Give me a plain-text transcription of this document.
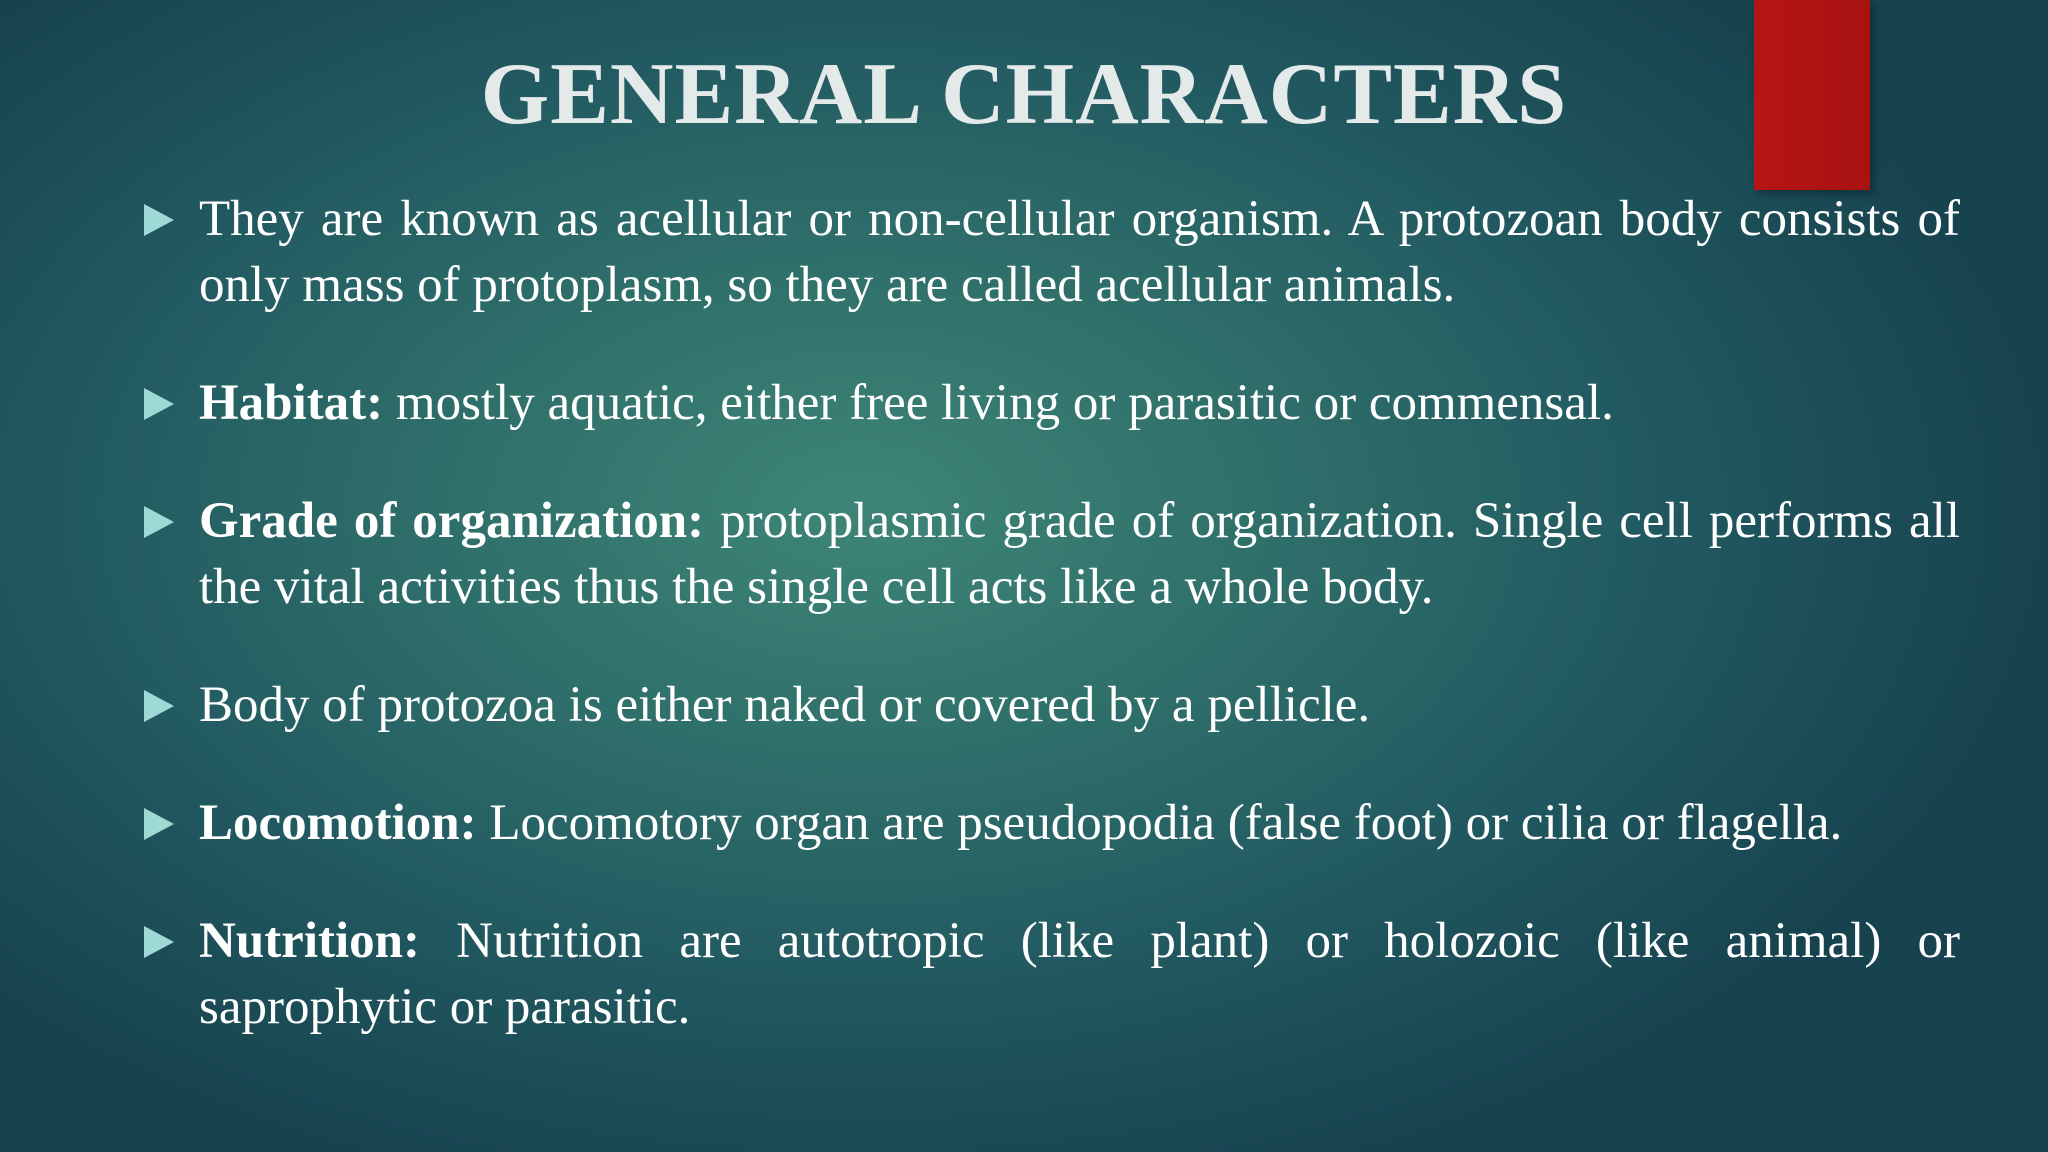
GENERAL CHARACTERS
They are known as acellular or non-cellular organism. A protozoan body consists of only mass of protoplasm, so they are called acellular animals.
Habitat: mostly aquatic, either free living or parasitic or commensal.
Grade of organization: protoplasmic grade of organization. Single cell performs all the vital activities thus the single cell acts like a whole body.
Body of protozoa is either naked or covered by a pellicle.
Locomotion: Locomotory organ are pseudopodia (false foot) or cilia or flagella.
Nutrition: Nutrition are autotropic (like plant) or holozoic (like animal) or saprophytic or parasitic.
